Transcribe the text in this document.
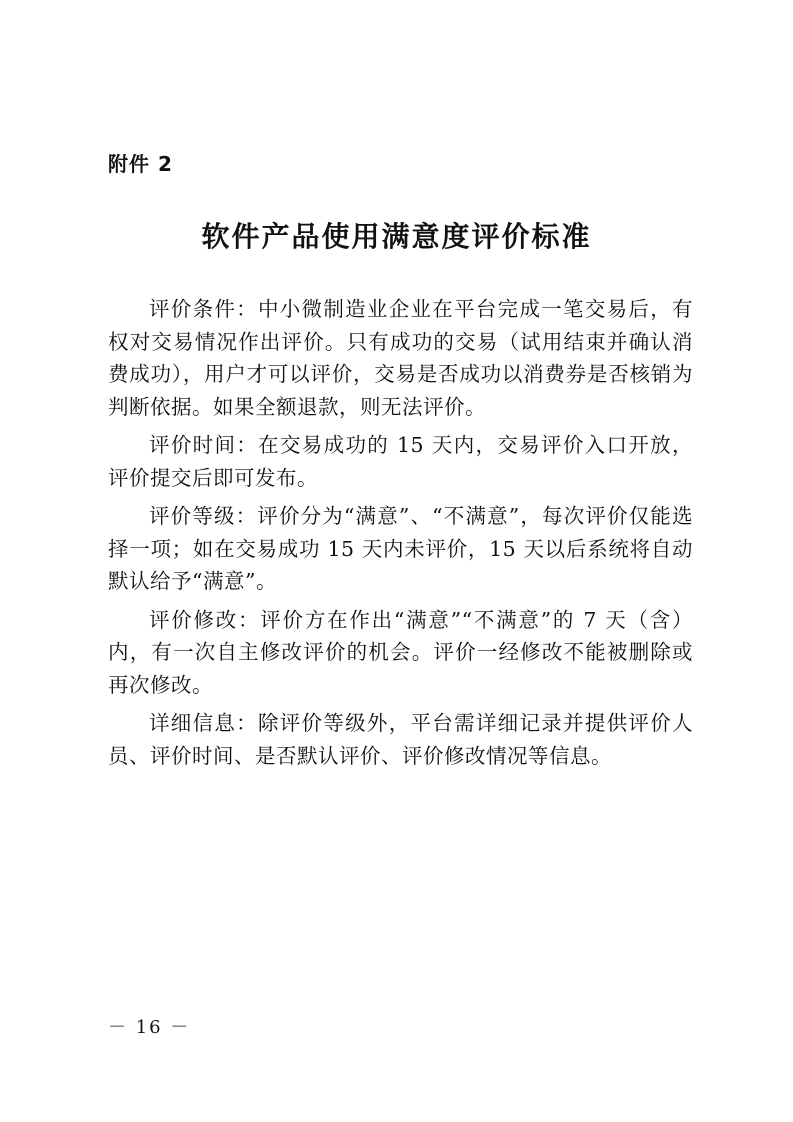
附件 2
软件产品使用满意度评价标准

评价条件：中小微制造业企业在平台完成一笔交易后，有权对交易情况作出评价。只有成功的交易（试用结束并确认消费成功），用户才可以评价，交易是否成功以消费券是否核销为判断依据。如果全额退款，则无法评价。

评价时间：在交易成功的 15 天内，交易评价入口开放，评价提交后即可发布。

评价等级：评价分为“满意”、“不满意”，每次评价仅能选择一项；如在交易成功 15 天内未评价，15 天以后系统将自动默认给予“满意”。

评价修改：评价方在作出“满意”“不满意”的 7 天（含）内，有一次自主修改评价的机会。评价一经修改不能被删除或再次修改。

详细信息：除评价等级外，平台需详细记录并提供评价人员、评价时间、是否默认评价、评价修改情况等信息。

－ 16 －
